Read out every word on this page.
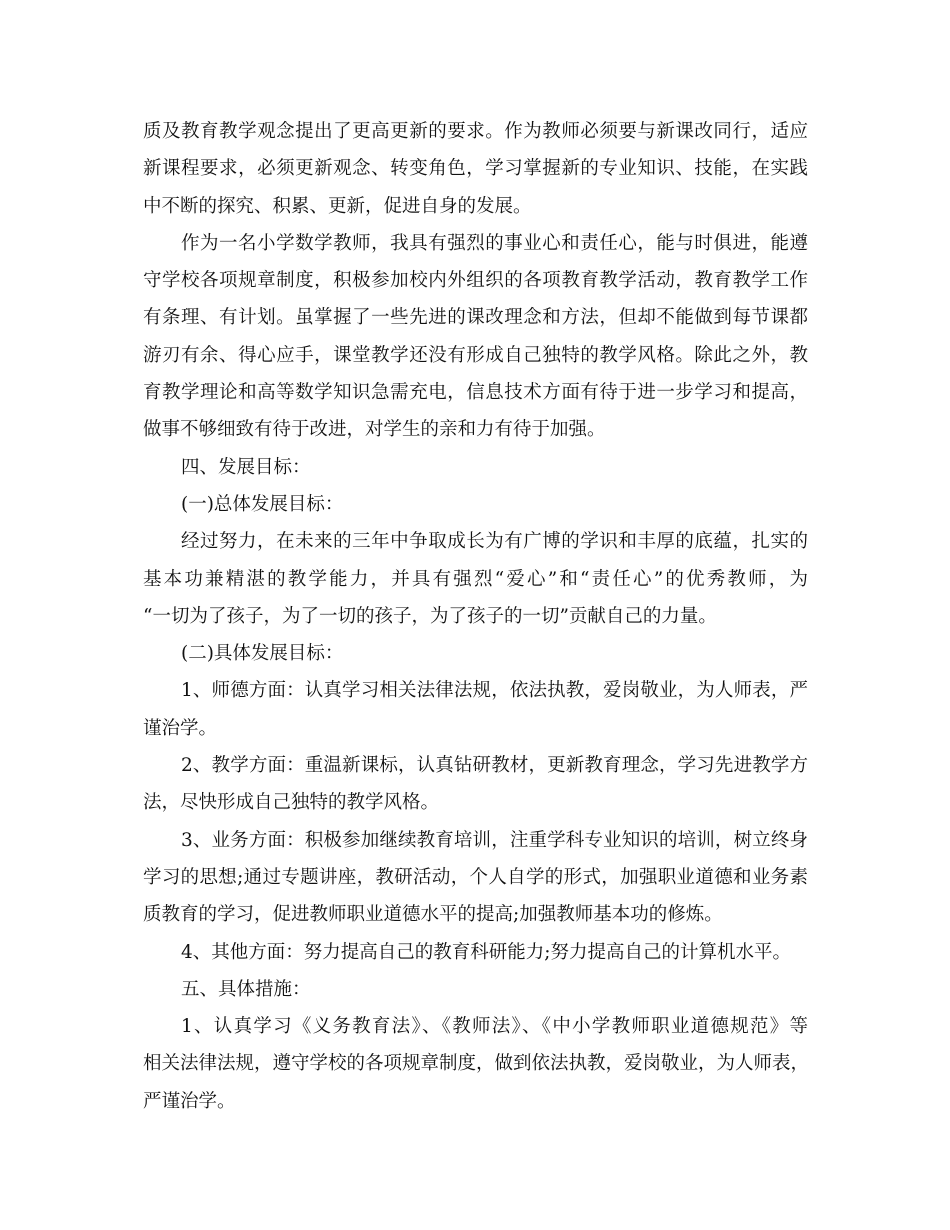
质及教育教学观念提出了更高更新的要求。作为教师必须要与新课改同行，适应
新课程要求，必须更新观念、转变角色，学习掌握新的专业知识、技能，在实践
中不断的探究、积累、更新，促进自身的发展。
作为一名小学数学教师，我具有强烈的事业心和责任心，能与时俱进，能遵
守学校各项规章制度，积极参加校内外组织的各项教育教学活动，教育教学工作
有条理、有计划。虽掌握了一些先进的课改理念和方法，但却不能做到每节课都
游刃有余、得心应手，课堂教学还没有形成自己独特的教学风格。除此之外，教
育教学理论和高等数学知识急需充电，信息技术方面有待于进一步学习和提高，
做事不够细致有待于改进，对学生的亲和力有待于加强。
四、发展目标：
(一)总体发展目标：
经过努力，在未来的三年中争取成长为有广博的学识和丰厚的底蕴，扎实的
基本功兼精湛的教学能力，并具有强烈“爱心”和“责任心”的优秀教师，为
“一切为了孩子，为了一切的孩子，为了孩子的一切”贡献自己的力量。
(二)具体发展目标：
1、师德方面：认真学习相关法律法规，依法执教，爱岗敬业，为人师表，严
谨治学。
2、教学方面：重温新课标，认真钻研教材，更新教育理念，学习先进教学方
法，尽快形成自己独特的教学风格。
3、业务方面：积极参加继续教育培训，注重学科专业知识的培训，树立终身
学习的思想;通过专题讲座，教研活动，个人自学的形式，加强职业道德和业务素
质教育的学习，促进教师职业道德水平的提高;加强教师基本功的修炼。
4、其他方面：努力提高自己的教育科研能力;努力提高自己的计算机水平。
五、具体措施：
1、认真学习《义务教育法》、《教师法》、《中小学教师职业道德规范》等
相关法律法规，遵守学校的各项规章制度，做到依法执教，爱岗敬业，为人师表，
严谨治学。
